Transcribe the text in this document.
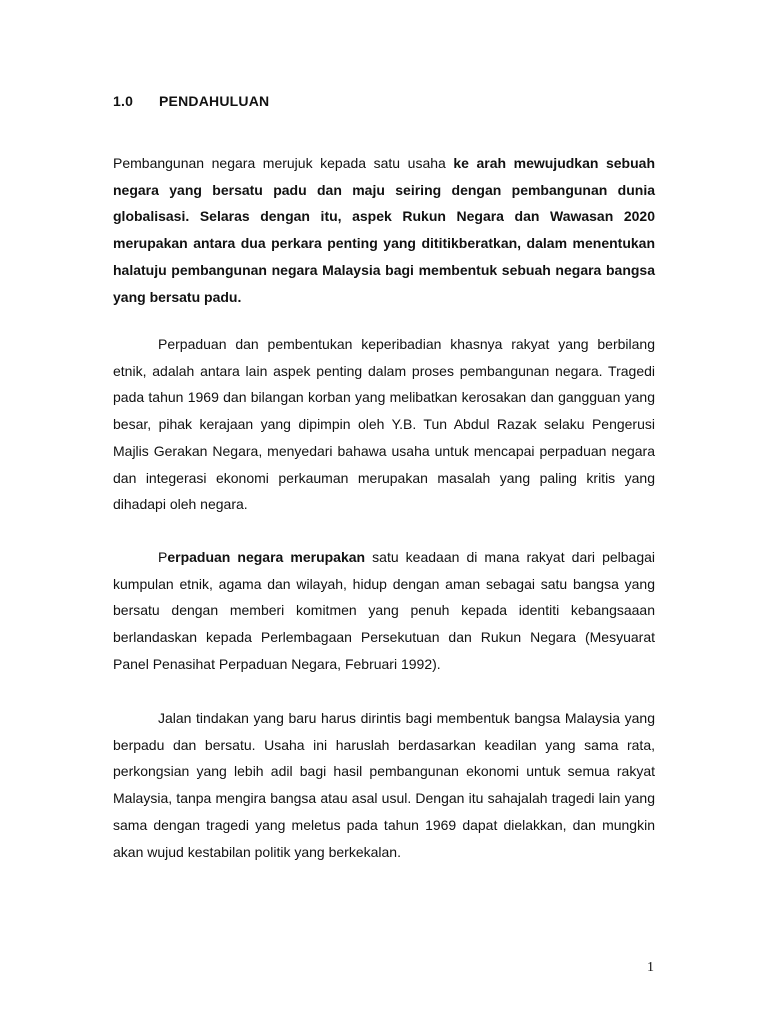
1.0 PENDAHULUAN

Pembangunan negara merujuk kepada satu usaha ke arah mewujudkan sebuah negara yang bersatu padu dan maju seiring dengan pembangunan dunia globalisasi. Selaras dengan itu, aspek Rukun Negara dan Wawasan 2020 merupakan antara dua perkara penting yang dititikberatkan, dalam menentukan halatuju pembangunan negara Malaysia bagi membentuk sebuah negara bangsa yang bersatu padu.

Perpaduan dan pembentukan keperibadian khasnya rakyat yang berbilang etnik, adalah antara lain aspek penting dalam proses pembangunan negara. Tragedi pada tahun 1969 dan bilangan korban yang melibatkan kerosakan dan gangguan yang besar, pihak kerajaan yang dipimpin oleh Y.B. Tun Abdul Razak selaku Pengerusi Majlis Gerakan Negara, menyedari bahawa usaha untuk mencapai perpaduan negara dan integerasi ekonomi perkauman merupakan masalah yang paling kritis yang dihadapi oleh negara.

Perpaduan negara merupakan satu keadaan di mana rakyat dari pelbagai kumpulan etnik, agama dan wilayah, hidup dengan aman sebagai satu bangsa yang bersatu dengan memberi komitmen yang penuh kepada identiti kebangsaaan berlandaskan kepada Perlembagaan Persekutuan dan Rukun Negara (Mesyuarat Panel Penasihat Perpaduan Negara, Februari 1992).

Jalan tindakan yang baru harus dirintis bagi membentuk bangsa Malaysia yang berpadu dan bersatu. Usaha ini haruslah berdasarkan keadilan yang sama rata, perkongsian yang lebih adil bagi hasil pembangunan ekonomi untuk semua rakyat Malaysia, tanpa mengira bangsa atau asal usul. Dengan itu sahajalah tragedi lain yang sama dengan tragedi yang meletus pada tahun 1969 dapat dielakkan, dan mungkin akan wujud kestabilan politik yang berkekalan.

1
